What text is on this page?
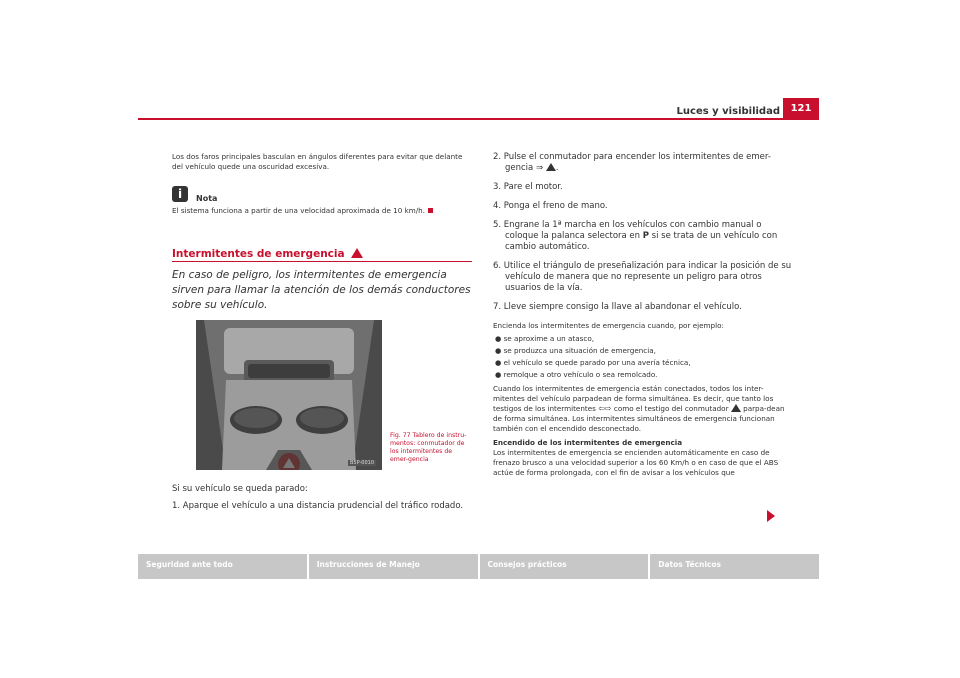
Luces y visibilidad	121

Los dos faros principales basculan en ángulos diferentes para evitar que delante del vehículo quede una oscuridad excesiva.

i Nota

El sistema funciona a partir de una velocidad aproximada de 10 km/h.

Intermitentes de emergencia
En caso de peligro, los intermitentes de emergencia sirven para llamar la atención de los demás conductores sobre su vehículo.
B5P-0010
Fig. 77 Tablero de instru-mentos: conmutador de los intermitentes de emer-gencia

Si su vehículo se queda parado:

1. Aparque el vehículo a una distancia prudencial del tráfico rodado.

2. Pulse el conmutador para encender los intermitentes de emer-gencia ⇒ .

3. Pare el motor.

4. Ponga el freno de mano.

5. Engrane la 1ª marcha en los vehículos con cambio manual o coloque la palanca selectora en P si se trata de un vehículo con cambio automático.

6. Utilice el triángulo de preseñalización para indicar la posición de su vehículo de manera que no represente un peligro para otros usuarios de la vía.

7. Lleve siempre consigo la llave al abandonar el vehículo.

Encienda los intermitentes de emergencia cuando, por ejemplo:

● se aproxime a un atasco,

● se produzca una situación de emergencia,

● el vehículo se quede parado por una avería técnica,

● remolque a otro vehículo o sea remolcado.

Cuando los intermitentes de emergencia están conectados, todos los inter-mitentes del vehículo parpadean de forma simultánea. Es decir, que tanto los testigos de los intermitentes ⇦⇨ como el testigo del conmutador parpa-dean de forma simultánea. Los intermitentes simultáneos de emergencia funcionan también con el encendido desconectado.

Encendido de los intermitentes de emergencia

Los intermitentes de emergencia se encienden automáticamente en caso de frenazo brusco a una velocidad superior a los 60 Km/h o en caso de que el ABS actúe de forma prolongada, con el fin de avisar a los vehículos que

Seguridad ante todo	Instrucciones de Manejo	Consejos prácticos	Datos Técnicos
